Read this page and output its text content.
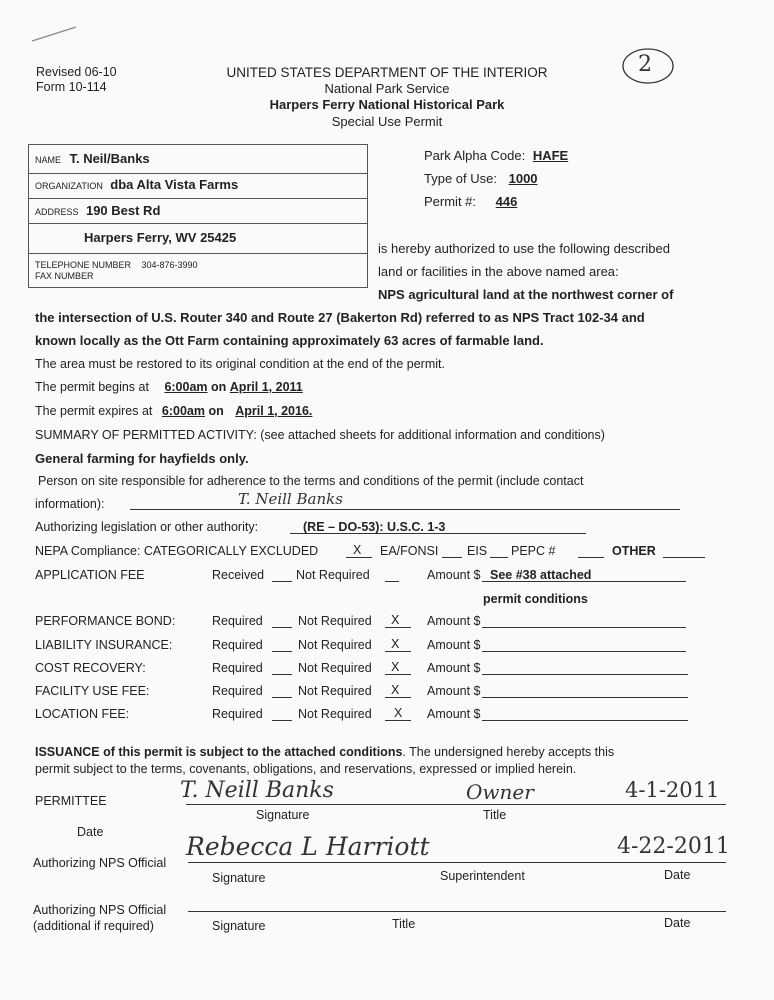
Revised 06-10
Form 10-114
UNITED STATES DEPARTMENT OF THE INTERIOR
National Park Service
Harpers Ferry National Historical Park
Special Use Permit
2
NAME T. Neil/Banks
ORGANIZATION dba Alta Vista Farms
ADDRESS 190 Best Rd
Harpers Ferry, WV 25425
TELEPHONE NUMBER 304-876-3990
FAX NUMBER
Park Alpha Code: HAFE
Type of Use: 1000
Permit #: 446
is hereby authorized to use the following described
land or facilities in the above named area:
NPS agricultural land at the northwest corner of
the intersection of U.S. Router 340 and Route 27 (Bakerton Rd) referred to as NPS Tract 102-34 and
known locally as the Ott Farm containing approximately 63 acres of farmable land.
The area must be restored to its original condition at the end of the permit.
The permit begins at 6:00am on April 1, 2011
The permit expires at 6:00am on April 1, 2016.
SUMMARY OF PERMITTED ACTIVITY: (see attached sheets for additional information and conditions)
General farming for hayfields only.
Person on site responsible for adherence to the terms and conditions of the permit (include contact
information):	T. Neill Banks
Authorizing legislation or other authority:	(RE – DO-53): U.S.C. 1-3
NEPA Compliance: CATEGORICALLY EXCLUDED	X EA/FONSI EIS PEPC #	OTHER
APPLICATION FEE	Received	Not Required	Amount $ See #38 attached
permit conditions
PERFORMANCE BOND:	Required	Not Required X Amount $
LIABILITY INSURANCE:	Required	Not Required X Amount $
COST RECOVERY:	Required	Not Required X Amount $
FACILITY USE FEE:	Required	Not Required X Amount $
LOCATION FEE:	Required	Not Required X Amount $
ISSUANCE of this permit is subject to the attached conditions. The undersigned hereby accepts this
permit subject to the terms, covenants, obligations, and reservations, expressed or implied herein.
PERMITTEE	T. Neill Banks	Owner	4-1-2011
Signature	Title
Date
Authorizing NPS Official
Rebecca L Harriott	4-22-2011
Signature	Superintendent	Date
Authorizing NPS Official
(additional if required)	Signature	Title	Date
